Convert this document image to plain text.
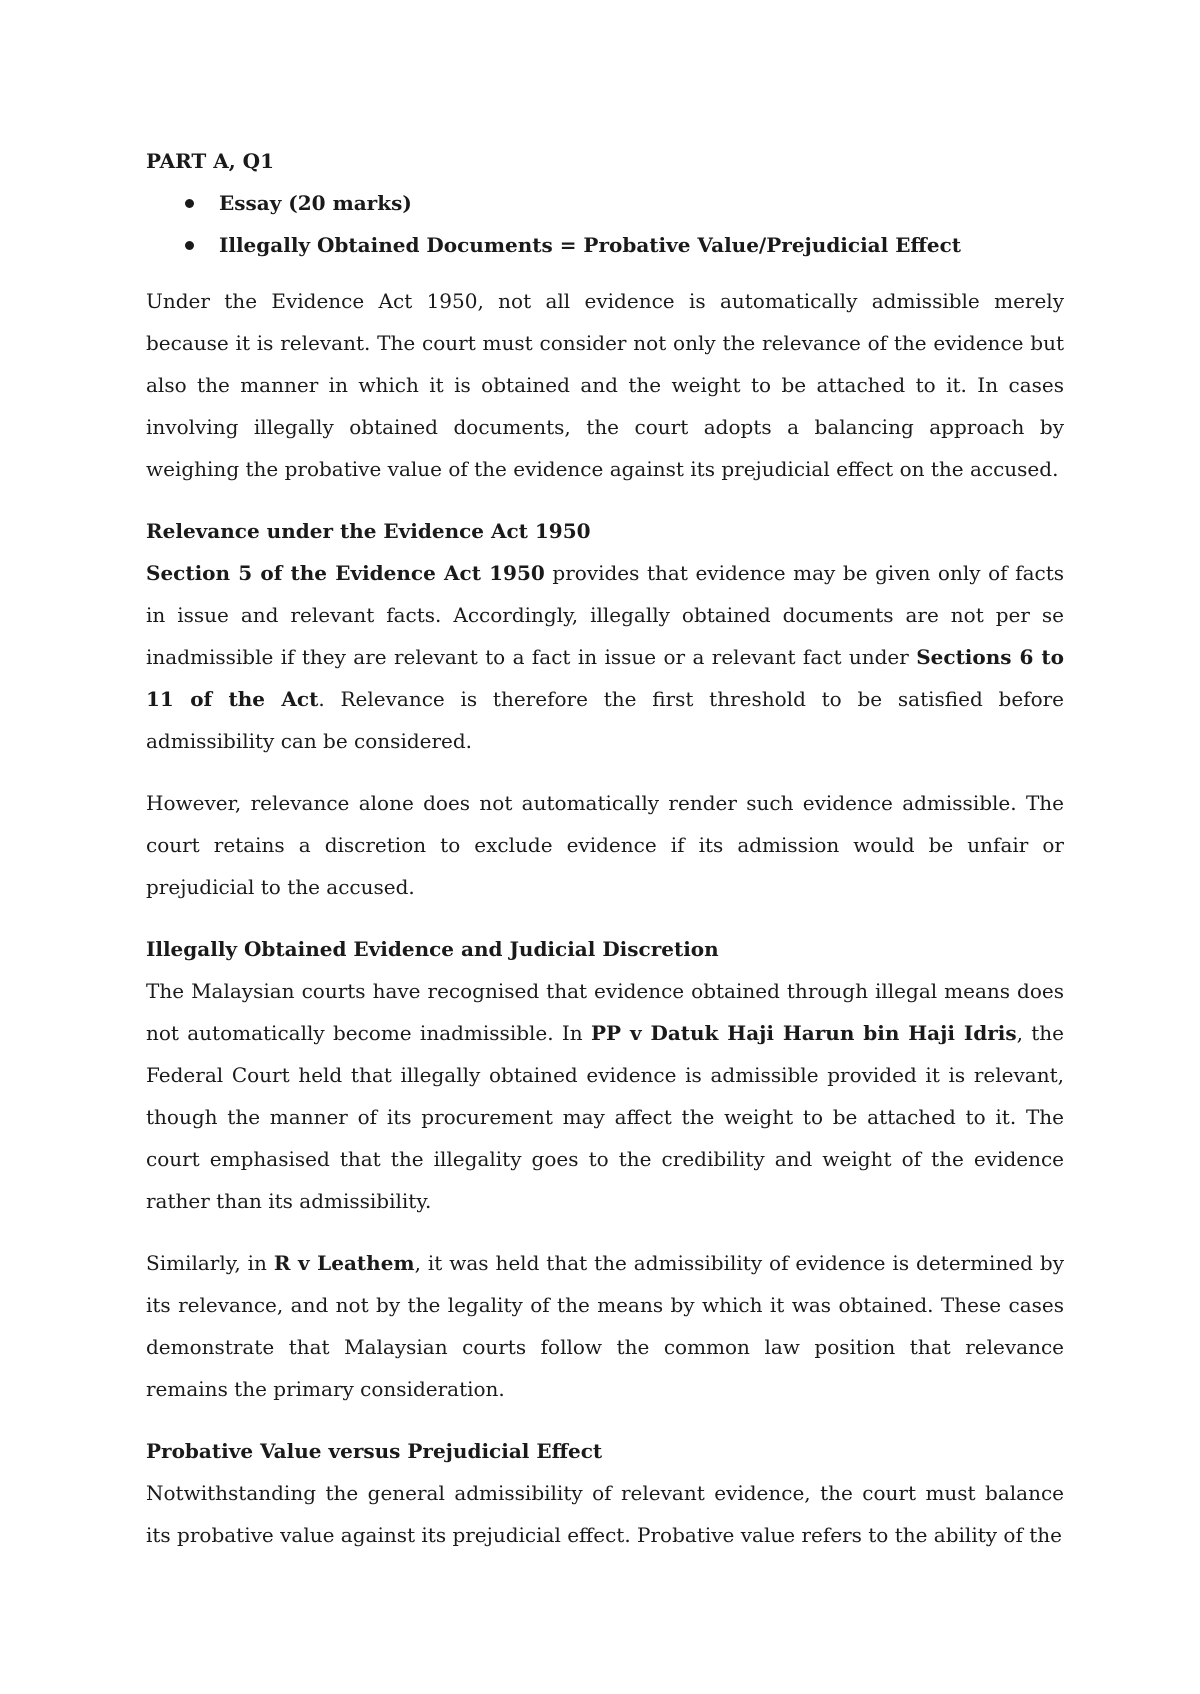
PART A, Q1
Essay (20 marks)
Illegally Obtained Documents = Probative Value/Prejudicial Effect

Under the Evidence Act 1950, not all evidence is automatically admissible merely because it is relevant. The court must consider not only the relevance of the evidence but also the manner in which it is obtained and the weight to be attached to it. In cases involving illegally obtained documents, the court adopts a balancing approach by weighing the probative value of the evidence against its prejudicial effect on the accused.

Relevance under the Evidence Act 1950

Section 5 of the Evidence Act 1950 provides that evidence may be given only of facts in issue and relevant facts. Accordingly, illegally obtained documents are not per se inadmissible if they are relevant to a fact in issue or a relevant fact under Sections 6 to 11 of the Act. Relevance is therefore the first threshold to be satisfied before admissibility can be considered.

However, relevance alone does not automatically render such evidence admissible. The court retains a discretion to exclude evidence if its admission would be unfair or prejudicial to the accused.

Illegally Obtained Evidence and Judicial Discretion

The Malaysian courts have recognised that evidence obtained through illegal means does not automatically become inadmissible. In PP v Datuk Haji Harun bin Haji Idris, the Federal Court held that illegally obtained evidence is admissible provided it is relevant, though the manner of its procurement may affect the weight to be attached to it. The court emphasised that the illegality goes to the credibility and weight of the evidence rather than its admissibility.

Similarly, in R v Leathem, it was held that the admissibility of evidence is determined by its relevance, and not by the legality of the means by which it was obtained. These cases demonstrate that Malaysian courts follow the common law position that relevance remains the primary consideration.

Probative Value versus Prejudicial Effect

Notwithstanding the general admissibility of relevant evidence, the court must balance its probative value against its prejudicial effect. Probative value refers to the ability of the
